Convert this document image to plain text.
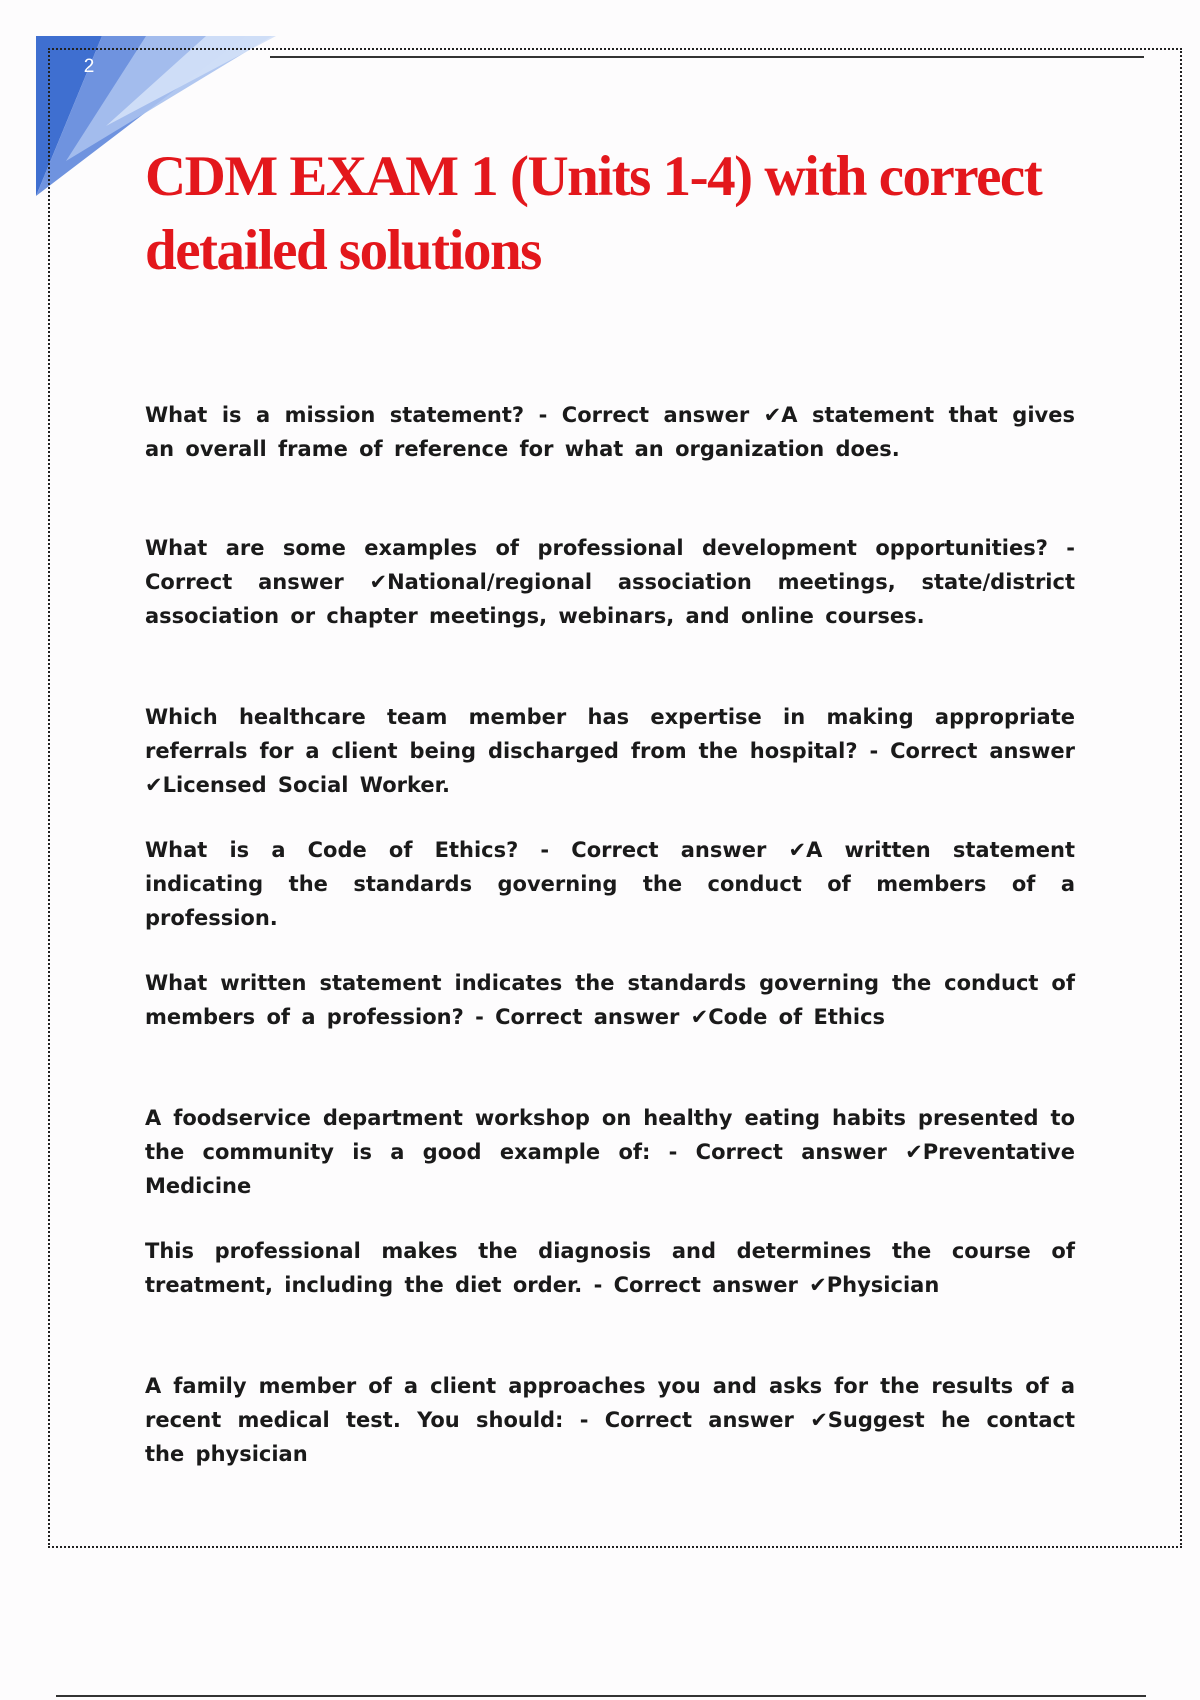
2
CDM EXAM 1 (Units 1-4) with correct detailed solutions
What is a mission statement? - Correct answer ✔A statement that gives an overall frame of reference for what an organization does.
What are some examples of professional development opportunities? - Correct answer ✔National/regional association meetings, state/district association or chapter meetings, webinars, and online courses.
Which healthcare team member has expertise in making appropriate referrals for a client being discharged from the hospital? - Correct answer ✔Licensed Social Worker.
What is a Code of Ethics? - Correct answer ✔A written statement indicating the standards governing the conduct of members of a profession.
What written statement indicates the standards governing the conduct of members of a profession? - Correct answer ✔Code of Ethics
A foodservice department workshop on healthy eating habits presented to the community is a good example of: - Correct answer ✔Preventative Medicine
This professional makes the diagnosis and determines the course of treatment, including the diet order. - Correct answer ✔Physician
A family member of a client approaches you and asks for the results of a recent medical test. You should: - Correct answer ✔Suggest he contact the physician
